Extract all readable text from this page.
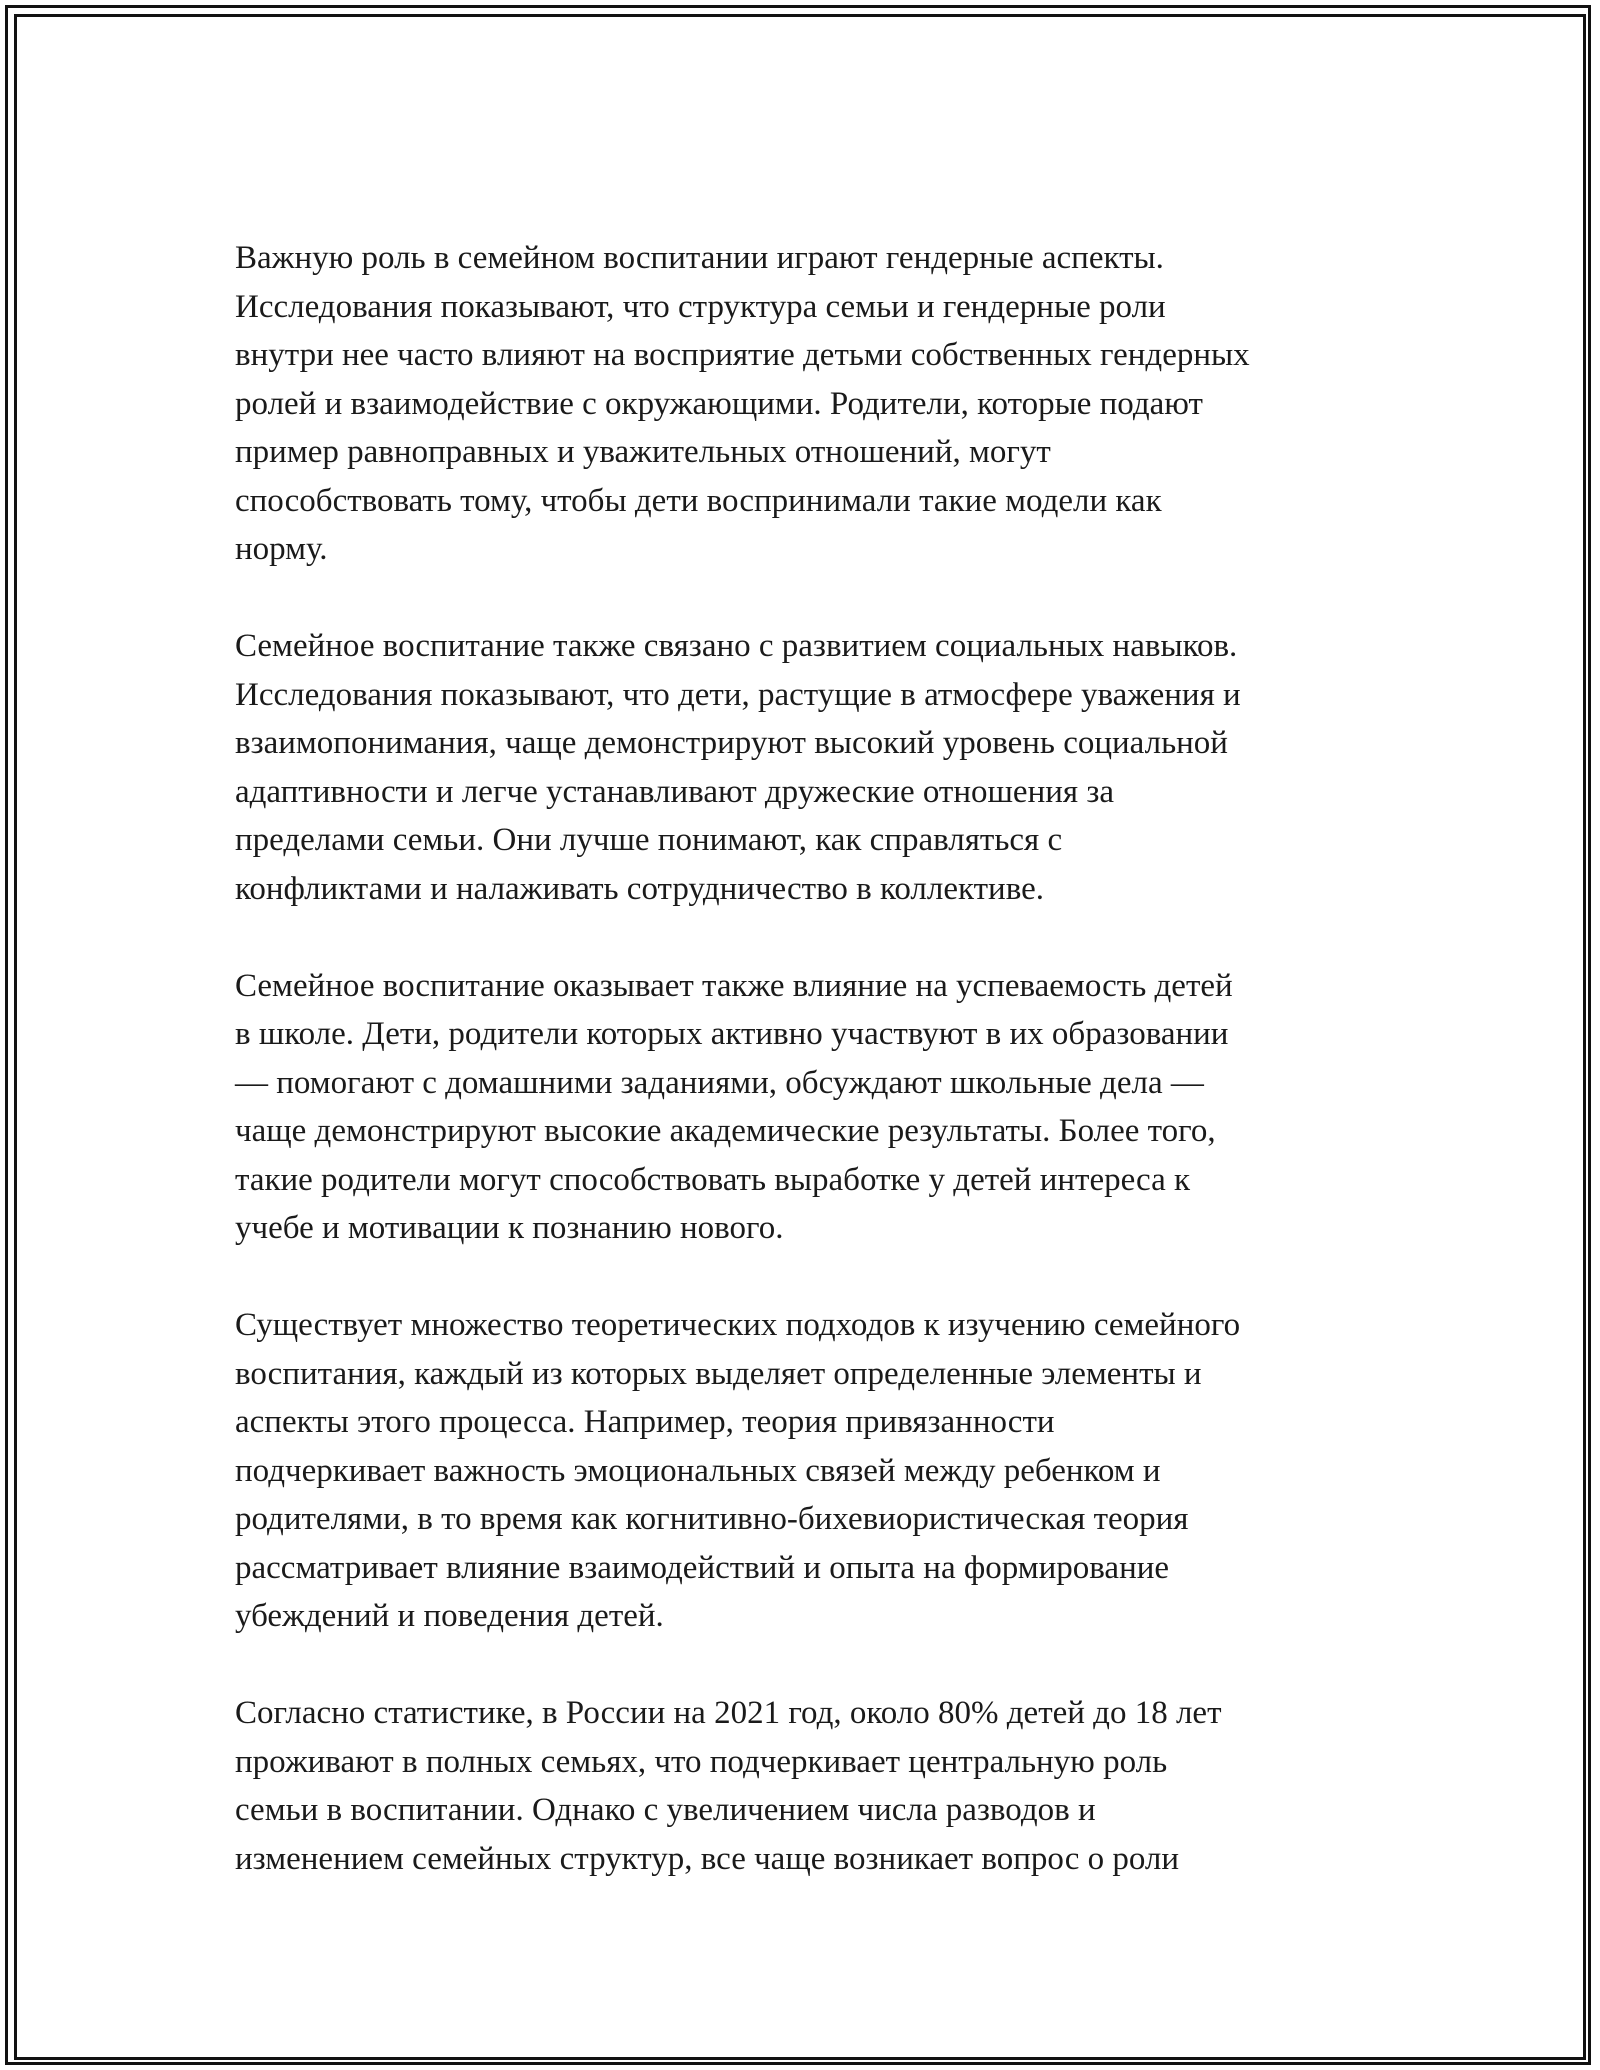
Важную роль в семейном воспитании играют гендерные аспекты.
Исследования показывают, что структура семьи и гендерные роли
внутри нее часто влияют на восприятие детьми собственных гендерных
ролей и взаимодействие с окружающими. Родители, которые подают
пример равноправных и уважительных отношений, могут
способствовать тому, чтобы дети воспринимали такие модели как
норму.

Семейное воспитание также связано с развитием социальных навыков.
Исследования показывают, что дети, растущие в атмосфере уважения и
взаимопонимания, чаще демонстрируют высокий уровень социальной
адаптивности и легче устанавливают дружеские отношения за
пределами семьи. Они лучше понимают, как справляться с
конфликтами и налаживать сотрудничество в коллективе.

Семейное воспитание оказывает также влияние на успеваемость детей
в школе. Дети, родители которых активно участвуют в их образовании
— помогают с домашними заданиями, обсуждают школьные дела —
чаще демонстрируют высокие академические результаты. Более того,
такие родители могут способствовать выработке у детей интереса к
учебе и мотивации к познанию нового.

Существует множество теоретических подходов к изучению семейного
воспитания, каждый из которых выделяет определенные элементы и
аспекты этого процесса. Например, теория привязанности
подчеркивает важность эмоциональных связей между ребенком и
родителями, в то время как когнитивно-бихевиористическая теория
рассматривает влияние взаимодействий и опыта на формирование
убеждений и поведения детей.

Согласно статистике, в России на 2021 год, около 80% детей до 18 лет
проживают в полных семьях, что подчеркивает центральную роль
семьи в воспитании. Однако с увеличением числа разводов и
изменением семейных структур, все чаще возникает вопрос о роли
